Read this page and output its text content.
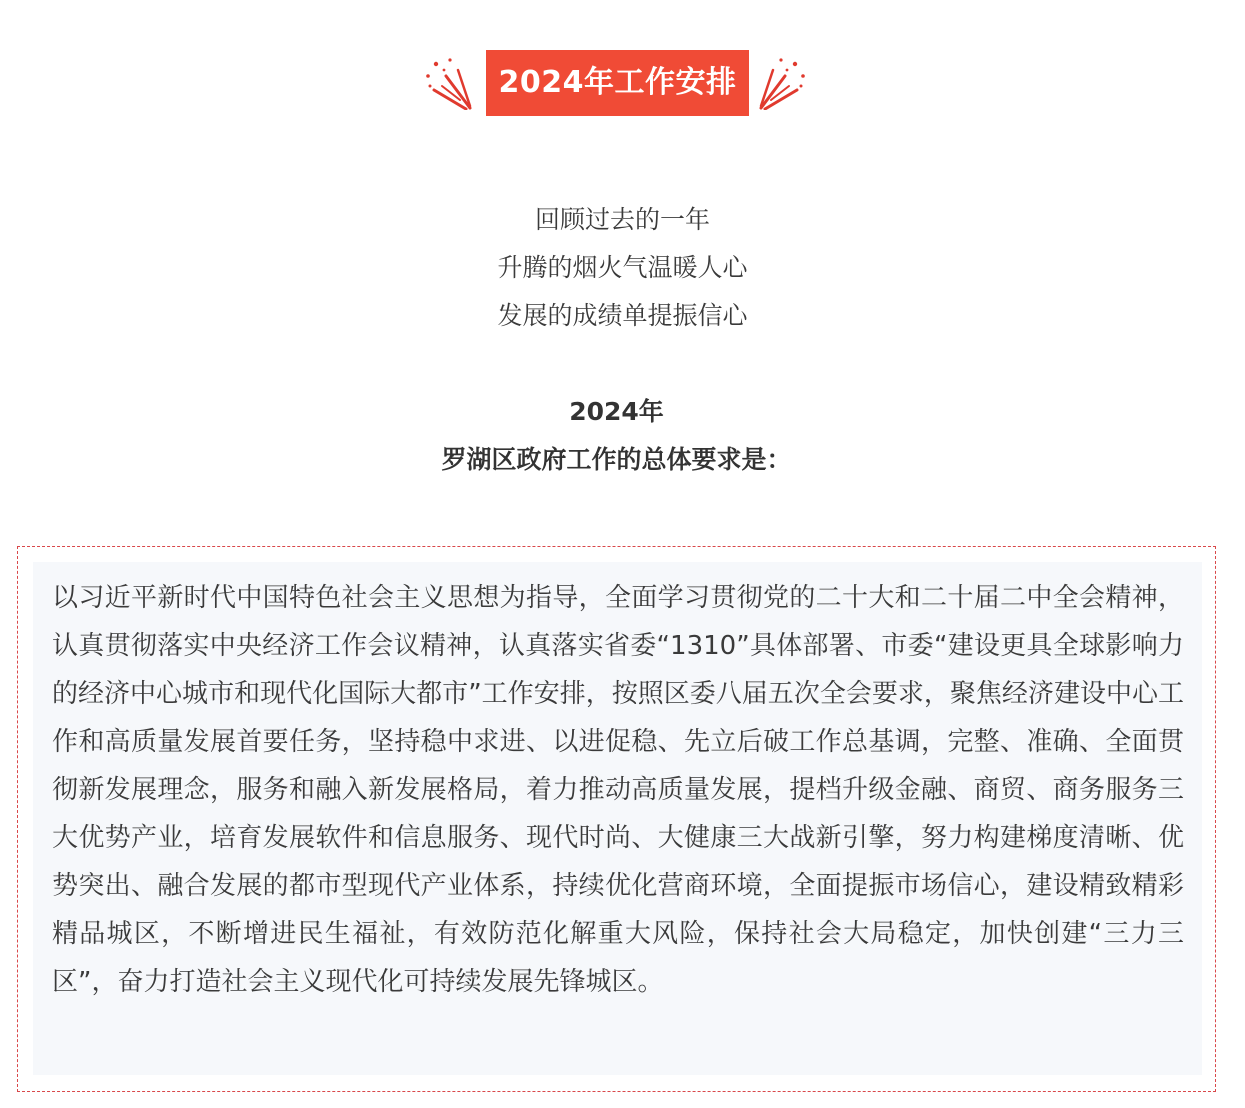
2024年工作安排
回顾过去的一年
升腾的烟火气温暖人心
发展的成绩单提振信心
2024年
罗湖区政府工作的总体要求是：

以习近平新时代中国特色社会主义思想为指导，全面学习贯彻党的二十大和二十届二中全会精神，认真贯彻落实中央经济工作会议精神，认真落实省委“1310”具体部署、市委“建设更具全球影响力的经济中心城市和现代化国际大都市”工作安排，按照区委八届五次全会要求，聚焦经济建设中心工作和高质量发展首要任务，坚持稳中求进、以进促稳、先立后破工作总基调，完整、准确、全面贯彻新发展理念，服务和融入新发展格局，着力推动高质量发展，提档升级金融、商贸、商务服务三大优势产业，培育发展软件和信息服务、现代时尚、大健康三大战新引擎，努力构建梯度清晰、优势突出、融合发展的都市型现代产业体系，持续优化营商环境，全面提振市场信心，建设精致精彩精品城区，不断增进民生福祉，有效防范化解重大风险，保持社会大局稳定，加快创建“三力三区”，奋力打造社会主义现代化可持续发展先锋城区。
